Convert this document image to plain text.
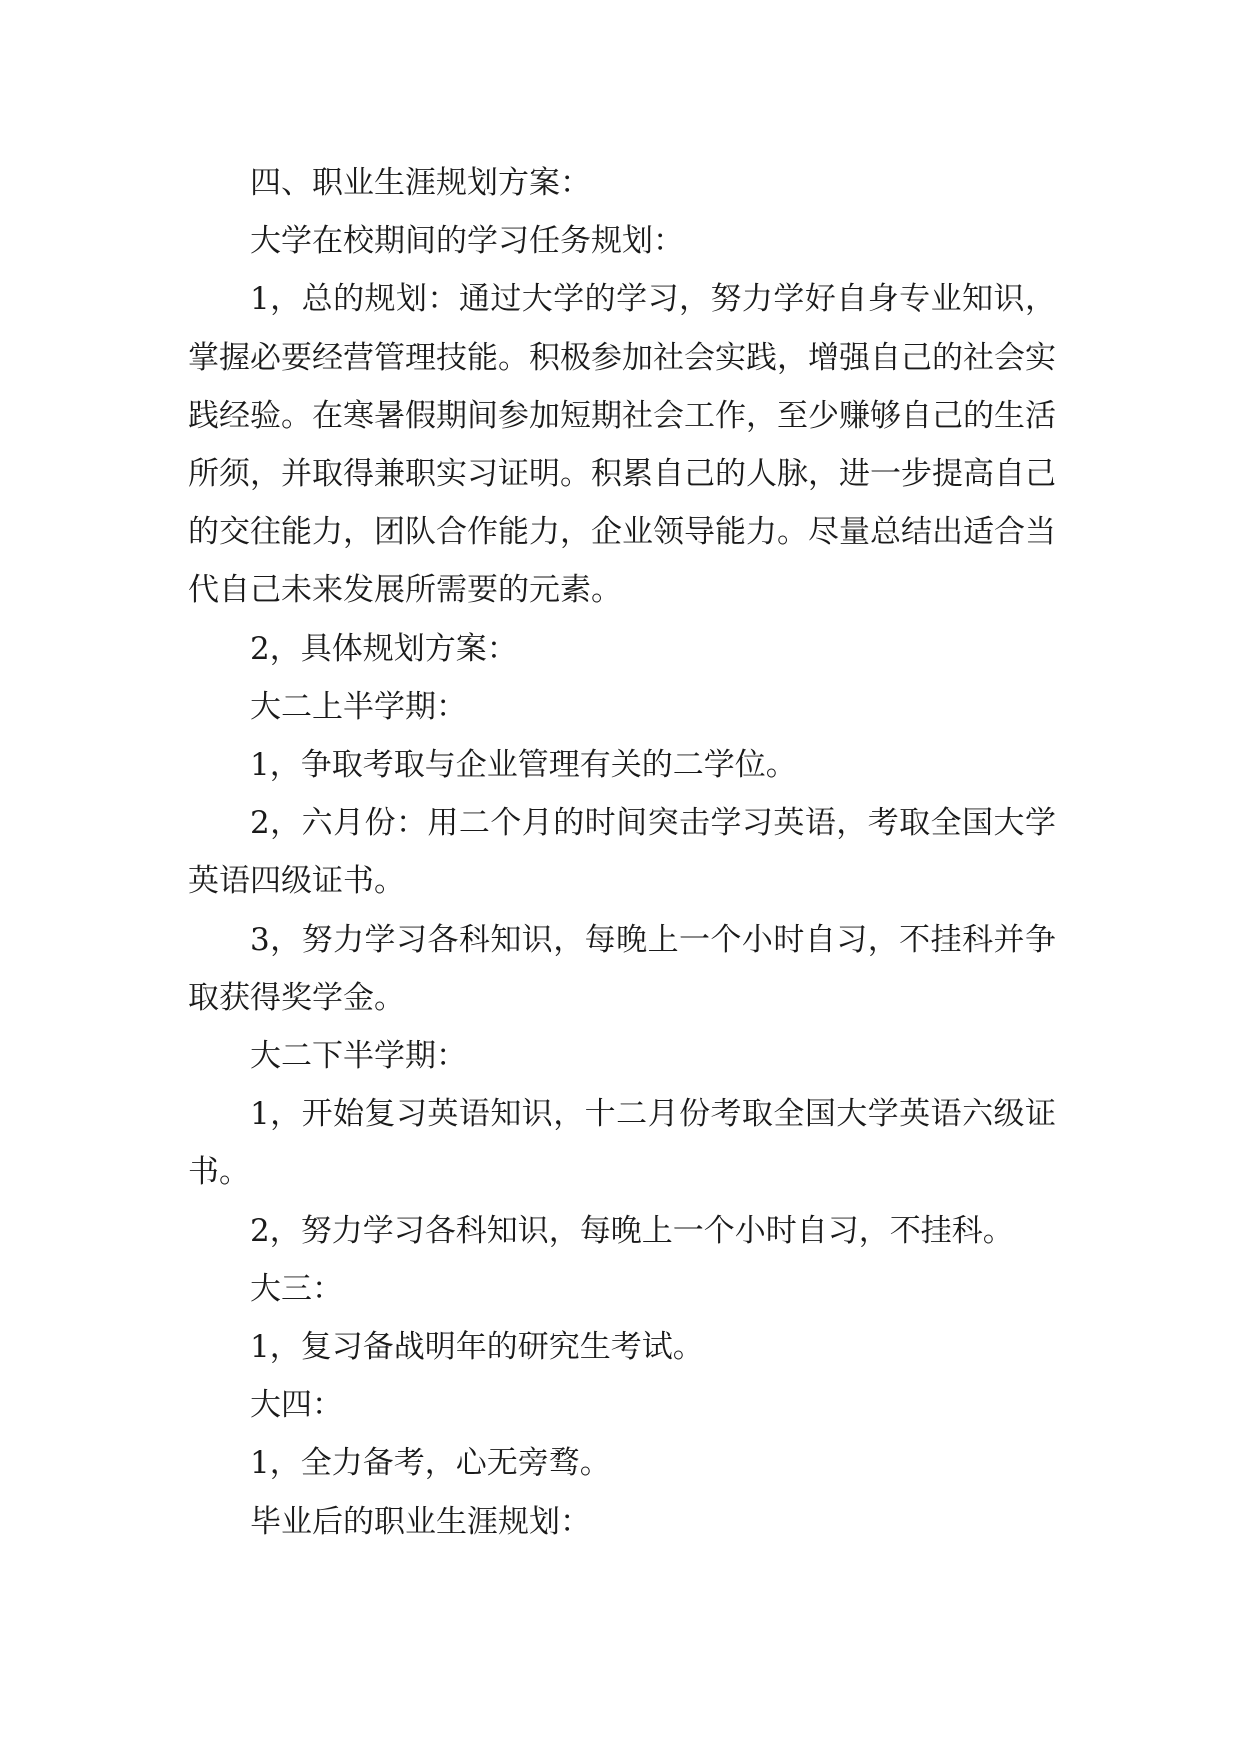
四、职业生涯规划方案：

大学在校期间的学习任务规划：

1，总的规划：通过大学的学习，努力学好自身专业知识，掌握必要经营管理技能。积极参加社会实践，增强自己的社会实践经验。在寒暑假期间参加短期社会工作，至少赚够自己的生活所须，并取得兼职实习证明。积累自己的人脉，进一步提高自己的交往能力，团队合作能力，企业领导能力。尽量总结出适合当代自己未来发展所需要的元素。

2，具体规划方案：

大二上半学期：

1，争取考取与企业管理有关的二学位。

2，六月份：用二个月的时间突击学习英语，考取全国大学英语四级证书。

3，努力学习各科知识，每晚上一个小时自习，不挂科并争取获得奖学金。

大二下半学期：

1，开始复习英语知识，十二月份考取全国大学英语六级证书。

2，努力学习各科知识，每晚上一个小时自习，不挂科。

大三：

1，复习备战明年的研究生考试。

大四：

1，全力备考，心无旁骛。

毕业后的职业生涯规划：
